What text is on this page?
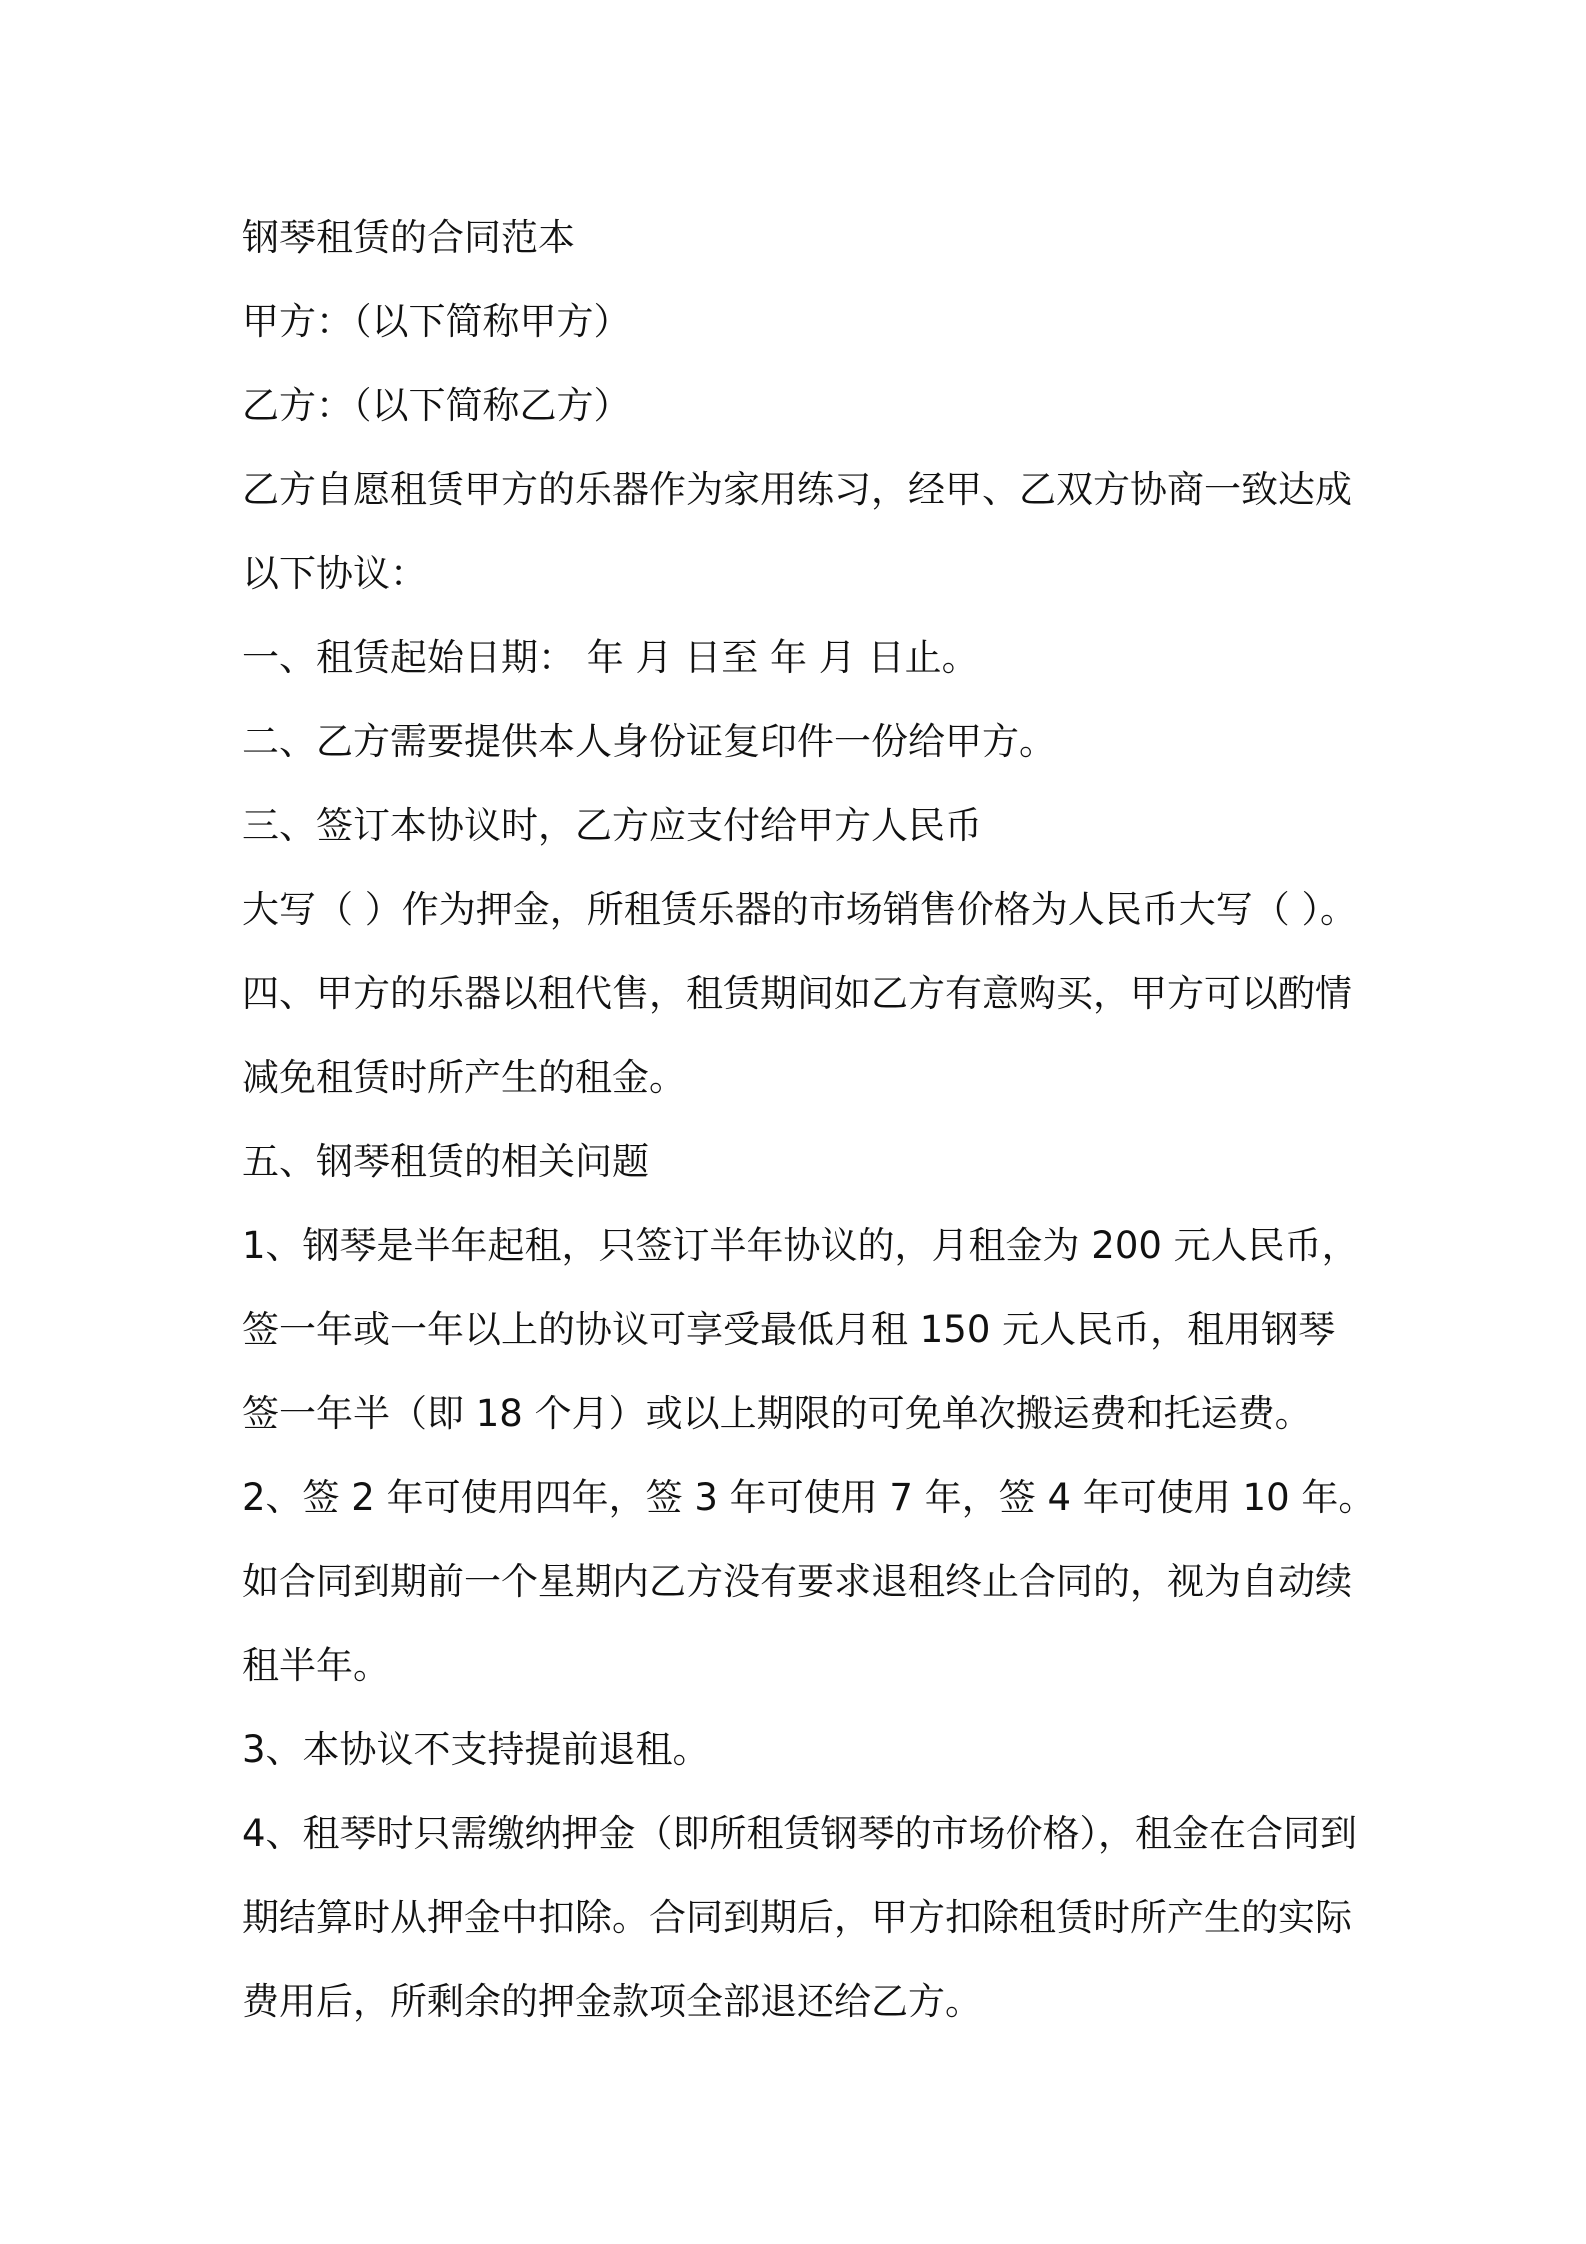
钢琴租赁的合同范本
甲方：（以下简称甲方）
乙方：（以下简称乙方）
乙方自愿租赁甲方的乐器作为家用练习，经甲、乙双方协商一致达成
以下协议：
一、租赁起始日期： 年 月 日至 年 月 日止。
二、乙方需要提供本人身份证复印件一份给甲方。
三、签订本协议时，乙方应支付给甲方人民币
大写（ ）作为押金，所租赁乐器的市场销售价格为人民币大写（ ）。
四、甲方的乐器以租代售，租赁期间如乙方有意购买，甲方可以酌情
减免租赁时所产生的租金。
五、钢琴租赁的相关问题
1、钢琴是半年起租，只签订半年协议的，月租金为 200 元人民币，
签一年或一年以上的协议可享受最低月租 150 元人民币，租用钢琴
签一年半（即 18 个月）或以上期限的可免单次搬运费和托运费。
2、签 2 年可使用四年，签 3 年可使用 7 年，签 4 年可使用 10 年。
如合同到期前一个星期内乙方没有要求退租终止合同的，视为自动续
租半年。
3、本协议不支持提前退租。
4、租琴时只需缴纳押金（即所租赁钢琴的市场价格），租金在合同到
期结算时从押金中扣除。合同到期后，甲方扣除租赁时所产生的实际
费用后，所剩余的押金款项全部退还给乙方。
